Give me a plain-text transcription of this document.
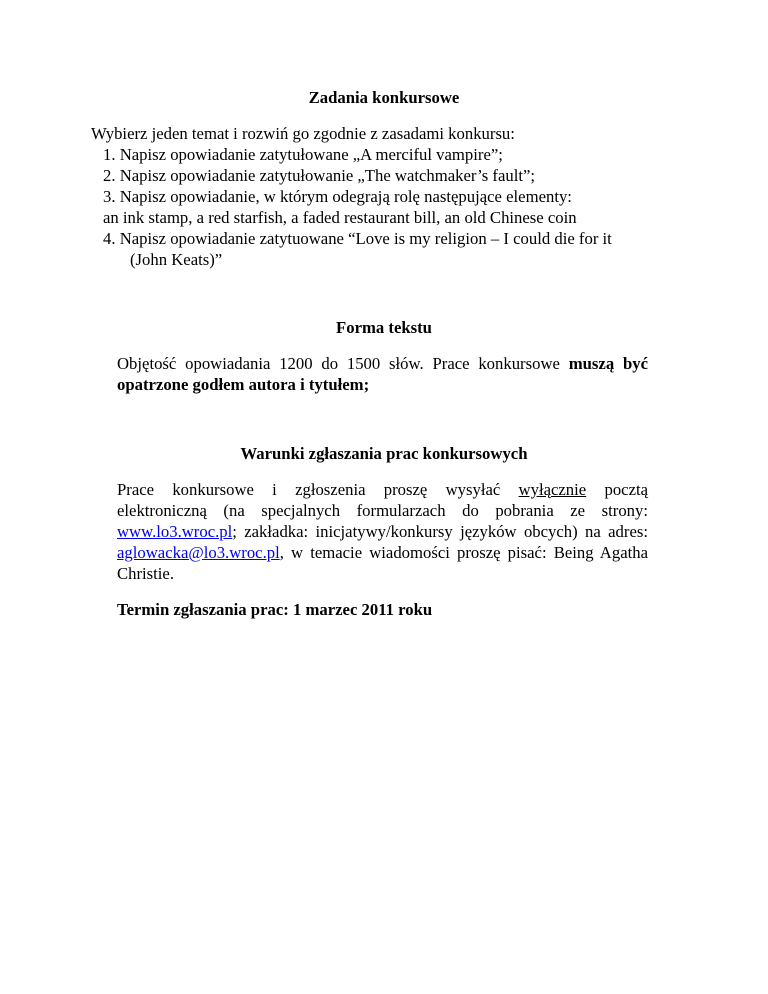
Zadania konkursowe
Wybierz jeden temat i rozwiń go zgodnie z zasadami konkursu:
1. Napisz opowiadanie zatytułowane „A merciful vampire”;
2. Napisz opowiadanie zatytułowanie „The watchmaker’s fault”;
3. Napisz opowiadanie, w którym odegrają rolę następujące elementy:
an ink stamp, a red starfish, a faded restaurant bill, an old Chinese coin
4. Napisz opowiadanie zatytuowane “Love is my religion – I could die for it
(John Keats)”
Forma tekstu
Objętość opowiadania 1200 do 1500 słów. Prace konkursowe muszą być
opatrzone godłem autora i tytułem;
Warunki zgłaszania prac konkursowych
Prace konkursowe i zgłoszenia proszę wysyłać wyłącznie pocztą
elektroniczną (na specjalnych formularzach do pobrania ze strony:
www.lo3.wroc.pl; zakładka: inicjatywy/konkursy języków obcych) na adres:
aglowacka@lo3.wroc.pl, w temacie wiadomości proszę pisać: Being Agatha
Christie.
Termin zgłaszania prac: 1 marzec 2011 roku
